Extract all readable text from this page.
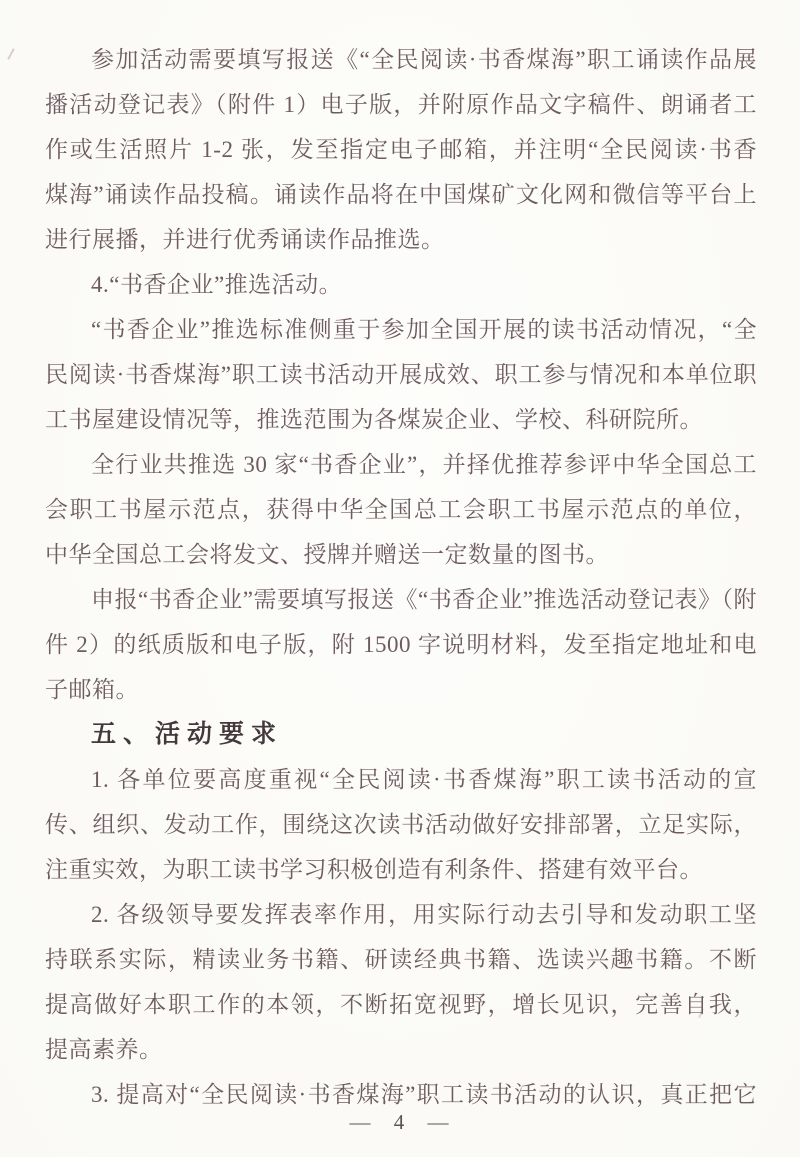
参加活动需要填写报送《“全民阅读·书香煤海”职工诵读作品展
播活动登记表》（附件 1）电子版，并附原作品文字稿件、朗诵者工
作或生活照片 1-2 张，发至指定电子邮箱，并注明“全民阅读·书香
煤海”诵读作品投稿。诵读作品将在中国煤矿文化网和微信等平台上
进行展播，并进行优秀诵读作品推选。
4.“书香企业”推选活动。
“书香企业”推选标准侧重于参加全国开展的读书活动情况，“全
民阅读·书香煤海”职工读书活动开展成效、职工参与情况和本单位职
工书屋建设情况等，推选范围为各煤炭企业、学校、科研院所。
全行业共推选 30 家“书香企业”，并择优推荐参评中华全国总工
会职工书屋示范点，获得中华全国总工会职工书屋示范点的单位，
中华全国总工会将发文、授牌并赠送一定数量的图书。
申报“书香企业”需要填写报送《“书香企业”推选活动登记表》（附
件 2）的纸质版和电子版，附 1500 字说明材料，发至指定地址和电
子邮箱。
五、活动要求
1. 各单位要高度重视“全民阅读·书香煤海”职工读书活动的宣
传、组织、发动工作，围绕这次读书活动做好安排部署，立足实际，
注重实效，为职工读书学习积极创造有利条件、搭建有效平台。
2. 各级领导要发挥表率作用，用实际行动去引导和发动职工坚
持联系实际，精读业务书籍、研读经典书籍、选读兴趣书籍。不断
提高做好本职工作的本领，不断拓宽视野，增长见识，完善自我，
提高素养。
3. 提高对“全民阅读·书香煤海”职工读书活动的认识，真正把它
— 4 —
